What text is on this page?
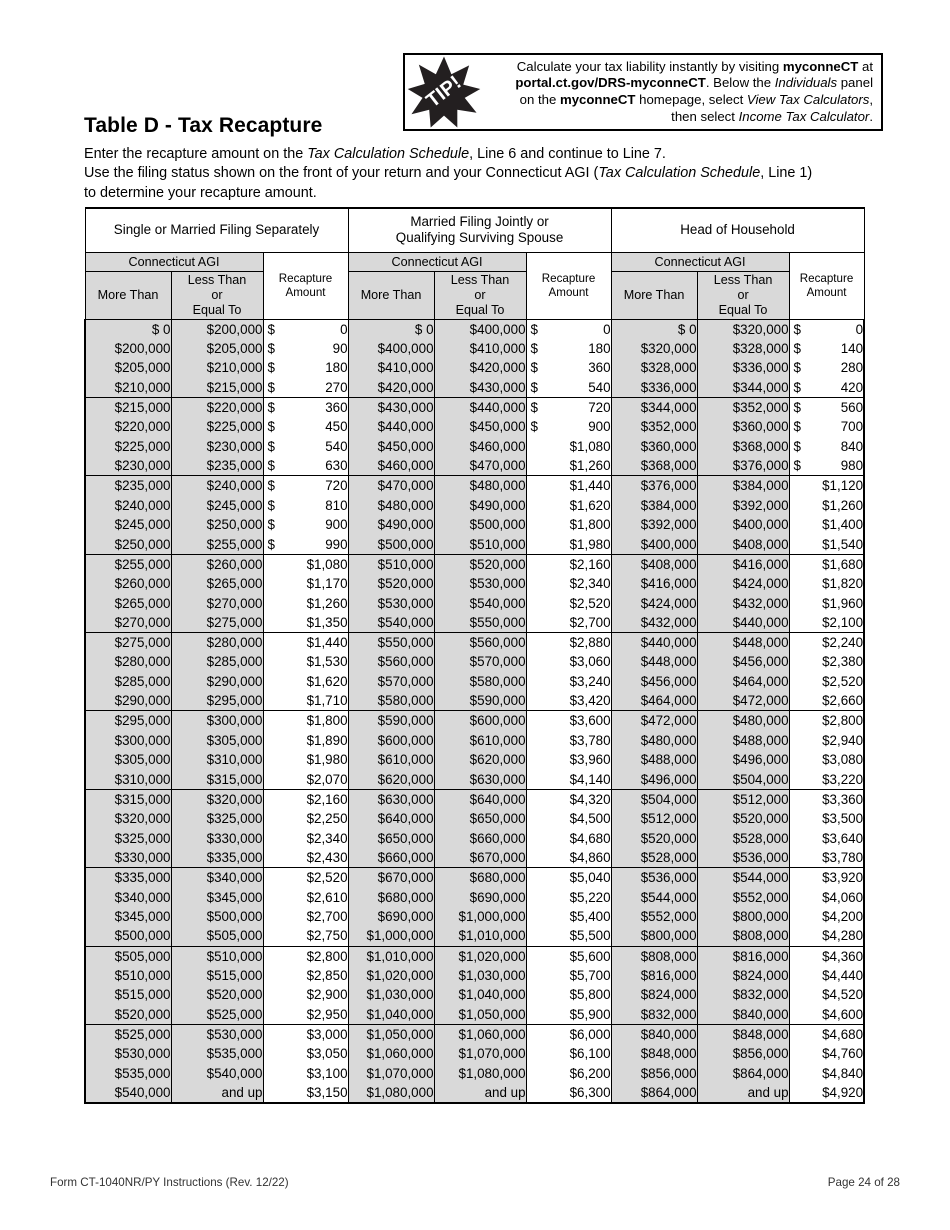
TIP!
Calculate your tax liability instantly by visiting myconneCT at
portal.ct.gov/DRS-myconneCT. Below the Individuals panel
on the myconneCT homepage, select View Tax Calculators,
then select Income Tax Calculator.
Table D - Tax Recapture

Enter the recapture amount on the Tax Calculation Schedule, Line 6 and continue to Line 7.

Use the filing status shown on the front of your return and your Connecticut AGI (Tax Calculation Schedule, Line 1)

to determine your recapture amount.

Single or Married Filing Separately			Married Filing Jointly or
Qualifying Surviving Spouse			Head of Household		
Connecticut AGI		Recapture
Amount	Connecticut AGI		Recapture
Amount	Connecticut AGI		Recapture
Amount
More Than	Less Than
or
Equal To		More Than	Less Than
or
Equal To		More Than	Less Than
or
Equal To	
$ 0	$200,000	$ 0	$ 0	$400,000	$ 0	$ 0	$320,000	$ 0

$200,000	$205,000	$ 90	$400,000	$410,000	$ 180	$320,000	$328,000	$ 140

$205,000	$210,000	$ 180	$410,000	$420,000	$ 360	$328,000	$336,000	$ 280

$210,000	$215,000	$ 270	$420,000	$430,000	$ 540	$336,000	$344,000	$ 420

$215,000	$220,000	$ 360	$430,000	$440,000	$ 720	$344,000	$352,000	$ 560

$220,000	$225,000	$ 450	$440,000	$450,000	$ 900	$352,000	$360,000	$ 700

$225,000	$230,000	$ 540	$450,000	$460,000	$1,080	$360,000	$368,000	$ 840

$230,000	$235,000	$ 630	$460,000	$470,000	$1,260	$368,000	$376,000	$ 980

$235,000	$240,000	$ 720	$470,000	$480,000	$1,440	$376,000	$384,000	$1,120
$240,000	$245,000	$ 810	$480,000	$490,000	$1,620	$384,000	$392,000	$1,260
$245,000	$250,000	$ 900	$490,000	$500,000	$1,800	$392,000	$400,000	$1,400
$250,000	$255,000	$ 990	$500,000	$510,000	$1,980	$400,000	$408,000	$1,540
$255,000	$260,000	$1,080	$510,000	$520,000	$2,160	$408,000	$416,000	$1,680
$260,000	$265,000	$1,170	$520,000	$530,000	$2,340	$416,000	$424,000	$1,820
$265,000	$270,000	$1,260	$530,000	$540,000	$2,520	$424,000	$432,000	$1,960
$270,000	$275,000	$1,350	$540,000	$550,000	$2,700	$432,000	$440,000	$2,100
$275,000	$280,000	$1,440	$550,000	$560,000	$2,880	$440,000	$448,000	$2,240
$280,000	$285,000	$1,530	$560,000	$570,000	$3,060	$448,000	$456,000	$2,380
$285,000	$290,000	$1,620	$570,000	$580,000	$3,240	$456,000	$464,000	$2,520
$290,000	$295,000	$1,710	$580,000	$590,000	$3,420	$464,000	$472,000	$2,660
$295,000	$300,000	$1,800	$590,000	$600,000	$3,600	$472,000	$480,000	$2,800
$300,000	$305,000	$1,890	$600,000	$610,000	$3,780	$480,000	$488,000	$2,940
$305,000	$310,000	$1,980	$610,000	$620,000	$3,960	$488,000	$496,000	$3,080
$310,000	$315,000	$2,070	$620,000	$630,000	$4,140	$496,000	$504,000	$3,220
$315,000	$320,000	$2,160	$630,000	$640,000	$4,320	$504,000	$512,000	$3,360
$320,000	$325,000	$2,250	$640,000	$650,000	$4,500	$512,000	$520,000	$3,500
$325,000	$330,000	$2,340	$650,000	$660,000	$4,680	$520,000	$528,000	$3,640
$330,000	$335,000	$2,430	$660,000	$670,000	$4,860	$528,000	$536,000	$3,780
$335,000	$340,000	$2,520	$670,000	$680,000	$5,040	$536,000	$544,000	$3,920
$340,000	$345,000	$2,610	$680,000	$690,000	$5,220	$544,000	$552,000	$4,060
$345,000	$500,000	$2,700	$690,000	$1,000,000	$5,400	$552,000	$800,000	$4,200
$500,000	$505,000	$2,750	$1,000,000	$1,010,000	$5,500	$800,000	$808,000	$4,280
$505,000	$510,000	$2,800	$1,010,000	$1,020,000	$5,600	$808,000	$816,000	$4,360
$510,000	$515,000	$2,850	$1,020,000	$1,030,000	$5,700	$816,000	$824,000	$4,440
$515,000	$520,000	$2,900	$1,030,000	$1,040,000	$5,800	$824,000	$832,000	$4,520
$520,000	$525,000	$2,950	$1,040,000	$1,050,000	$5,900	$832,000	$840,000	$4,600
$525,000	$530,000	$3,000	$1,050,000	$1,060,000	$6,000	$840,000	$848,000	$4,680
$530,000	$535,000	$3,050	$1,060,000	$1,070,000	$6,100	$848,000	$856,000	$4,760
$535,000	$540,000	$3,100	$1,070,000	$1,080,000	$6,200	$856,000	$864,000	$4,840
$540,000	and up	$3,150	$1,080,000	and up	$6,300	$864,000	and up	$4,920
Form CT-1040NR/PY Instructions (Rev. 12/22)	Page 24 of 28
